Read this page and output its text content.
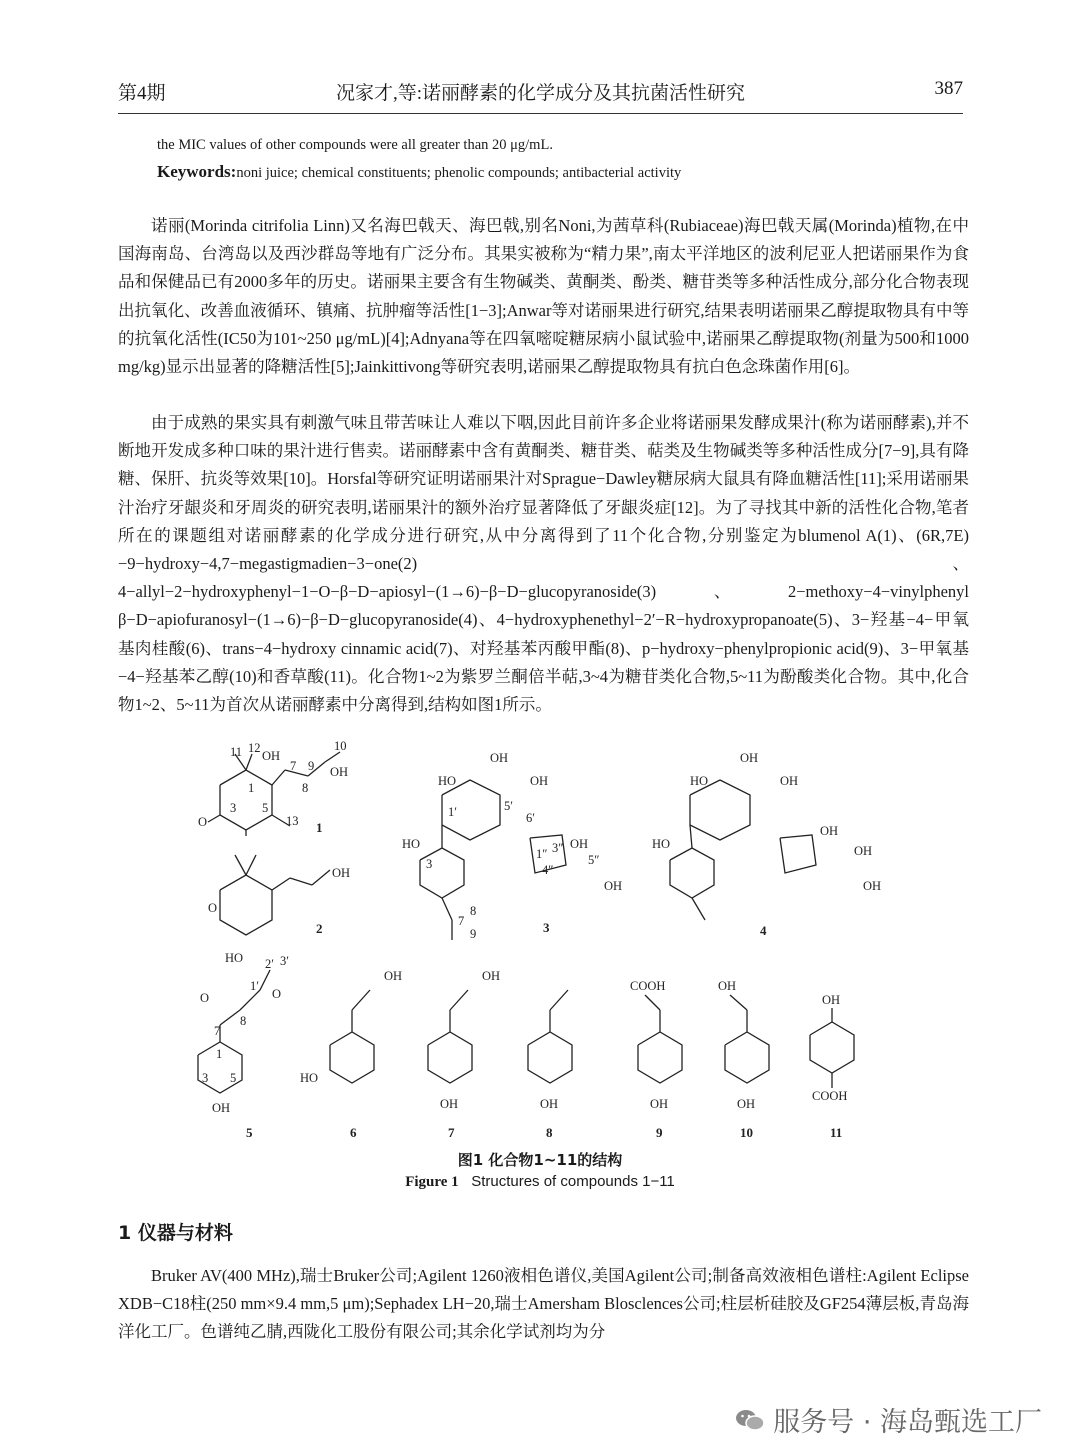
第4期	况家才,等:诺丽酵素的化学成分及其抗菌活性研究	387
the MIC values of other compounds were all greater than 20 μg/mL.
Keywords:noni juice; chemical constituents; phenolic compounds; antibacterial activity

诺丽(Morinda citrifolia Linn)又名海巴戟天、海巴戟,别名Noni,为茜草科(Rubiaceae)海巴戟天属(Morinda)植物,在中国海南岛、台湾岛以及西沙群岛等地有广泛分布。其果实被称为“精力果”,南太平洋地区的波利尼亚人把诺丽果作为食品和保健品已有2000多年的历史。诺丽果主要含有生物碱类、黄酮类、酚类、糖苷类等多种活性成分,部分化合物表现出抗氧化、改善血液循环、镇痛、抗肿瘤等活性[1−3];Anwar等对诺丽果进行研究,结果表明诺丽果乙醇提取物具有中等的抗氧化活性(IC50为101~250 μg/mL)[4];Adnyana等在四氧嘧啶糖尿病小鼠试验中,诺丽果乙醇提取物(剂量为500和1000 mg/kg)显示出显著的降糖活性[5];Jainkittivong等研究表明,诺丽果乙醇提取物具有抗白色念珠菌作用[6]。

由于成熟的果实具有刺激气味且带苦味让人难以下咽,因此目前许多企业将诺丽果发酵成果汁(称为诺丽酵素),并不断地开发成多种口味的果汁进行售卖。诺丽酵素中含有黄酮类、糖苷类、萜类及生物碱类等多种活性成分[7−9],具有降糖、保肝、抗炎等效果[10]。Horsfal等研究证明诺丽果汁对Sprague−Dawley糖尿病大鼠具有降血糖活性[11];采用诺丽果汁治疗牙龈炎和牙周炎的研究表明,诺丽果汁的额外治疗显著降低了牙龈炎症[12]。为了寻找其中新的活性化合物,笔者所在的课题组对诺丽酵素的化学成分进行研究,从中分离得到了11个化合物,分别鉴定为blumenol A(1)、(6R,7E)−9−hydroxy−4,7−megastigmadien−3−one(2)、4−allyl−2−hydroxyphenyl−1−O−β−D−apiosyl−(1→6)−β−D−glucopyranoside(3)、2−methoxy−4−vinylphenyl β−D−apiofuranosyl−(1→6)−β−D−glucopyranoside(4)、4−hydroxyphenethyl−2′−R−hydroxypropanoate(5)、3−羟基−4−甲氧基肉桂酸(6)、trans−4−hydroxy cinnamic acid(7)、对羟基苯丙酸甲酯(8)、p−hydroxy−phenylpropionic acid(9)、3−甲氧基−4−羟基苯乙醇(10)和香草酸(11)。化合物1~2为紫罗兰酮倍半萜,3~4为糖苷类化合物,5~11为酚酸类化合物。其中,化合物1~2、5~11为首次从诺丽酵素中分离得到,结构如图1所示。

11 12
OH
10
OH
9
8
7
1
3 5
13
O	1
OH
O
2
OH
HO	OH
HO
1′	5′
6′
1″ 3″
4″
5″
OH
OH
3
7
8
9	3
OH
HO	OH
HO
OH
OH
OH
4
HO 2′ 3′
1′
O
O
7
8
1
3 5
OH
5
OH
HO
6
OH
OH
7
OH
8
COOH
OH
9
OH
OH
10
OH
COOH
11
图1 化合物1~11的结构
Figure 1 Structures of compounds 1−11
1 仪器与材料

Bruker AV(400 MHz),瑞士Bruker公司;Agilent 1260液相色谱仪,美国Agilent公司;制备高效液相色谱柱:Agilent Eclipse XDB−C18柱(250 mm×9.4 mm,5 μm);Sephadex LH−20,瑞士Amersham Blosclences公司;柱层析硅胶及GF254薄层板,青岛海洋化工厂。色谱纯乙腈,西陇化工股份有限公司;其余化学试剂均为分

服务号 · 海岛甄选工厂
